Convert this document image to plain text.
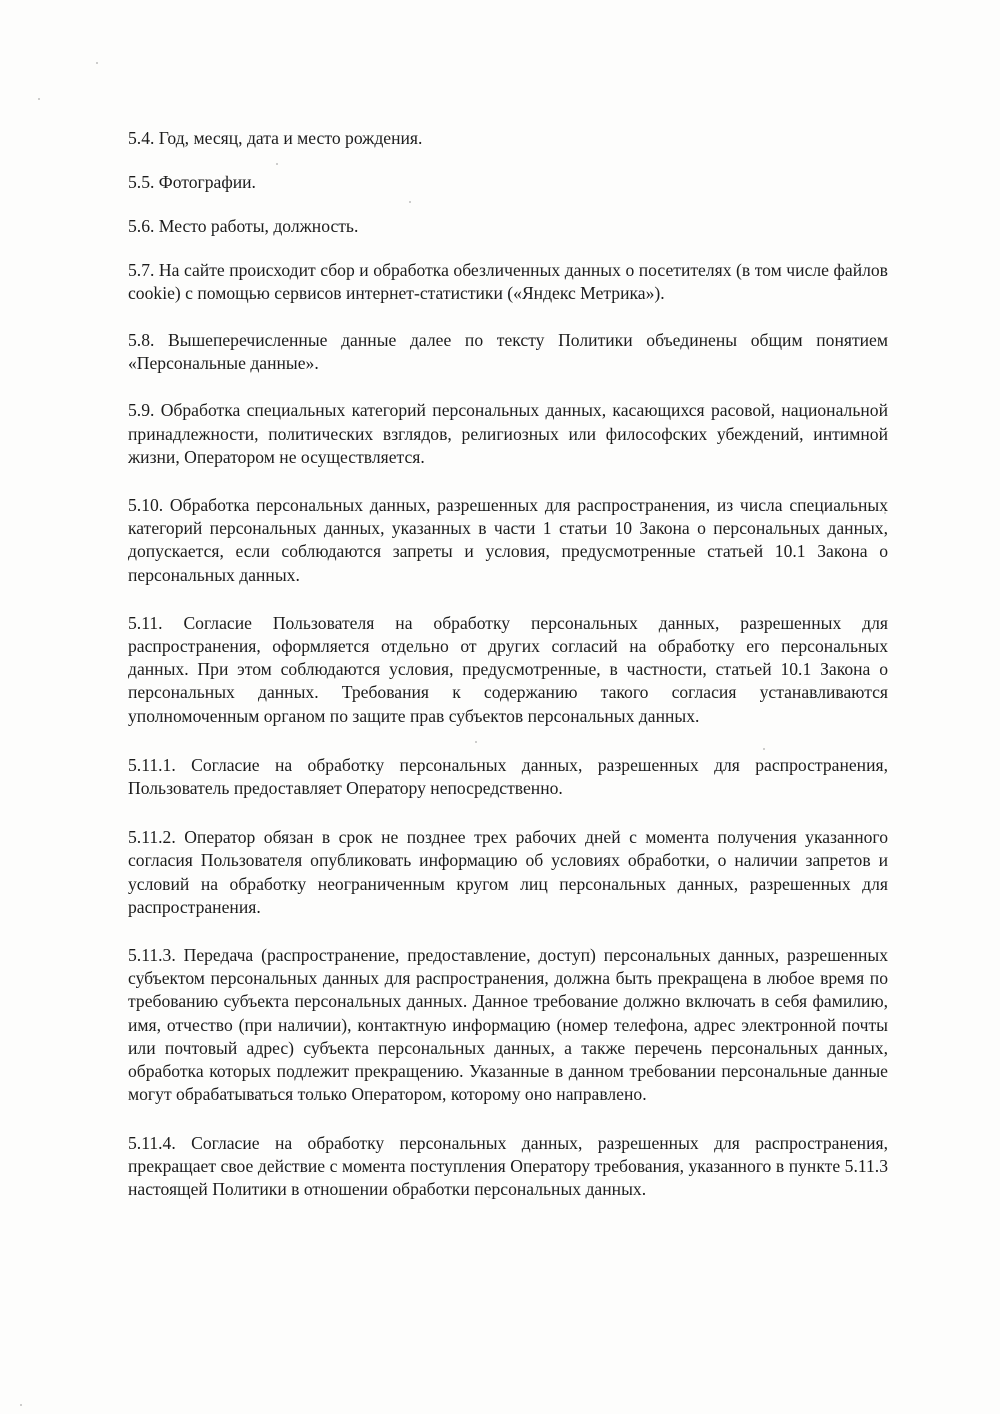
5.4. Год, месяц, дата и место рождения.

5.5. Фотографии.

5.6. Место работы, должность.

5.7. На сайте происходит сбор и обработка обезличенных данных о посетителях (в том числе файлов cookie) с помощью сервисов интернет-статистики («Яндекс Метрика»).

5.8. Вышеперечисленные данные далее по тексту Политики объединены общим понятием «Персональные данные».

5.9. Обработка специальных категорий персональных данных, касающихся расовой, национальной принадлежности, политических взглядов, религиозных или философских убеждений, интимной жизни, Оператором не осуществляется.

5.10. Обработка персональных данных, разрешенных для распространения, из числа специальных категорий персональных данных, указанных в части 1 статьи 10 Закона о персональных данных, допускается, если соблюдаются запреты и условия, предусмотренные статьей 10.1 Закона о персональных данных.

5.11. Согласие Пользователя на обработку персональных данных, разрешенных для распространения, оформляется отдельно от других согласий на обработку его персональных данных. При этом соблюдаются условия, предусмотренные, в частности, статьей 10.1 Закона о персональных данных. Требования к содержанию такого согласия устанавливаются уполномоченным органом по защите прав субъектов персональных данных.

5.11.1. Согласие на обработку персональных данных, разрешенных для распространения, Пользователь предоставляет Оператору непосредственно.

5.11.2. Оператор обязан в срок не позднее трех рабочих дней с момента получения указанного согласия Пользователя опубликовать информацию об условиях обработки, о наличии запретов и условий на обработку неограниченным кругом лиц персональных данных, разрешенных для распространения.

5.11.3. Передача (распространение, предоставление, доступ) персональных данных, разрешенных субъектом персональных данных для распространения, должна быть прекращена в любое время по требованию субъекта персональных данных. Данное требование должно включать в себя фамилию, имя, отчество (при наличии), контактную информацию (номер телефона, адрес электронной почты или почтовый адрес) субъекта персональных данных, а также перечень персональных данных, обработка которых подлежит прекращению. Указанные в данном требовании персональные данные могут обрабатываться только Оператором, которому оно направлено.

5.11.4. Согласие на обработку персональных данных, разрешенных для распространения, прекращает свое действие с момента поступления Оператору требования, указанного в пункте 5.11.3 настоящей Политики в отношении обработки персональных данных.
